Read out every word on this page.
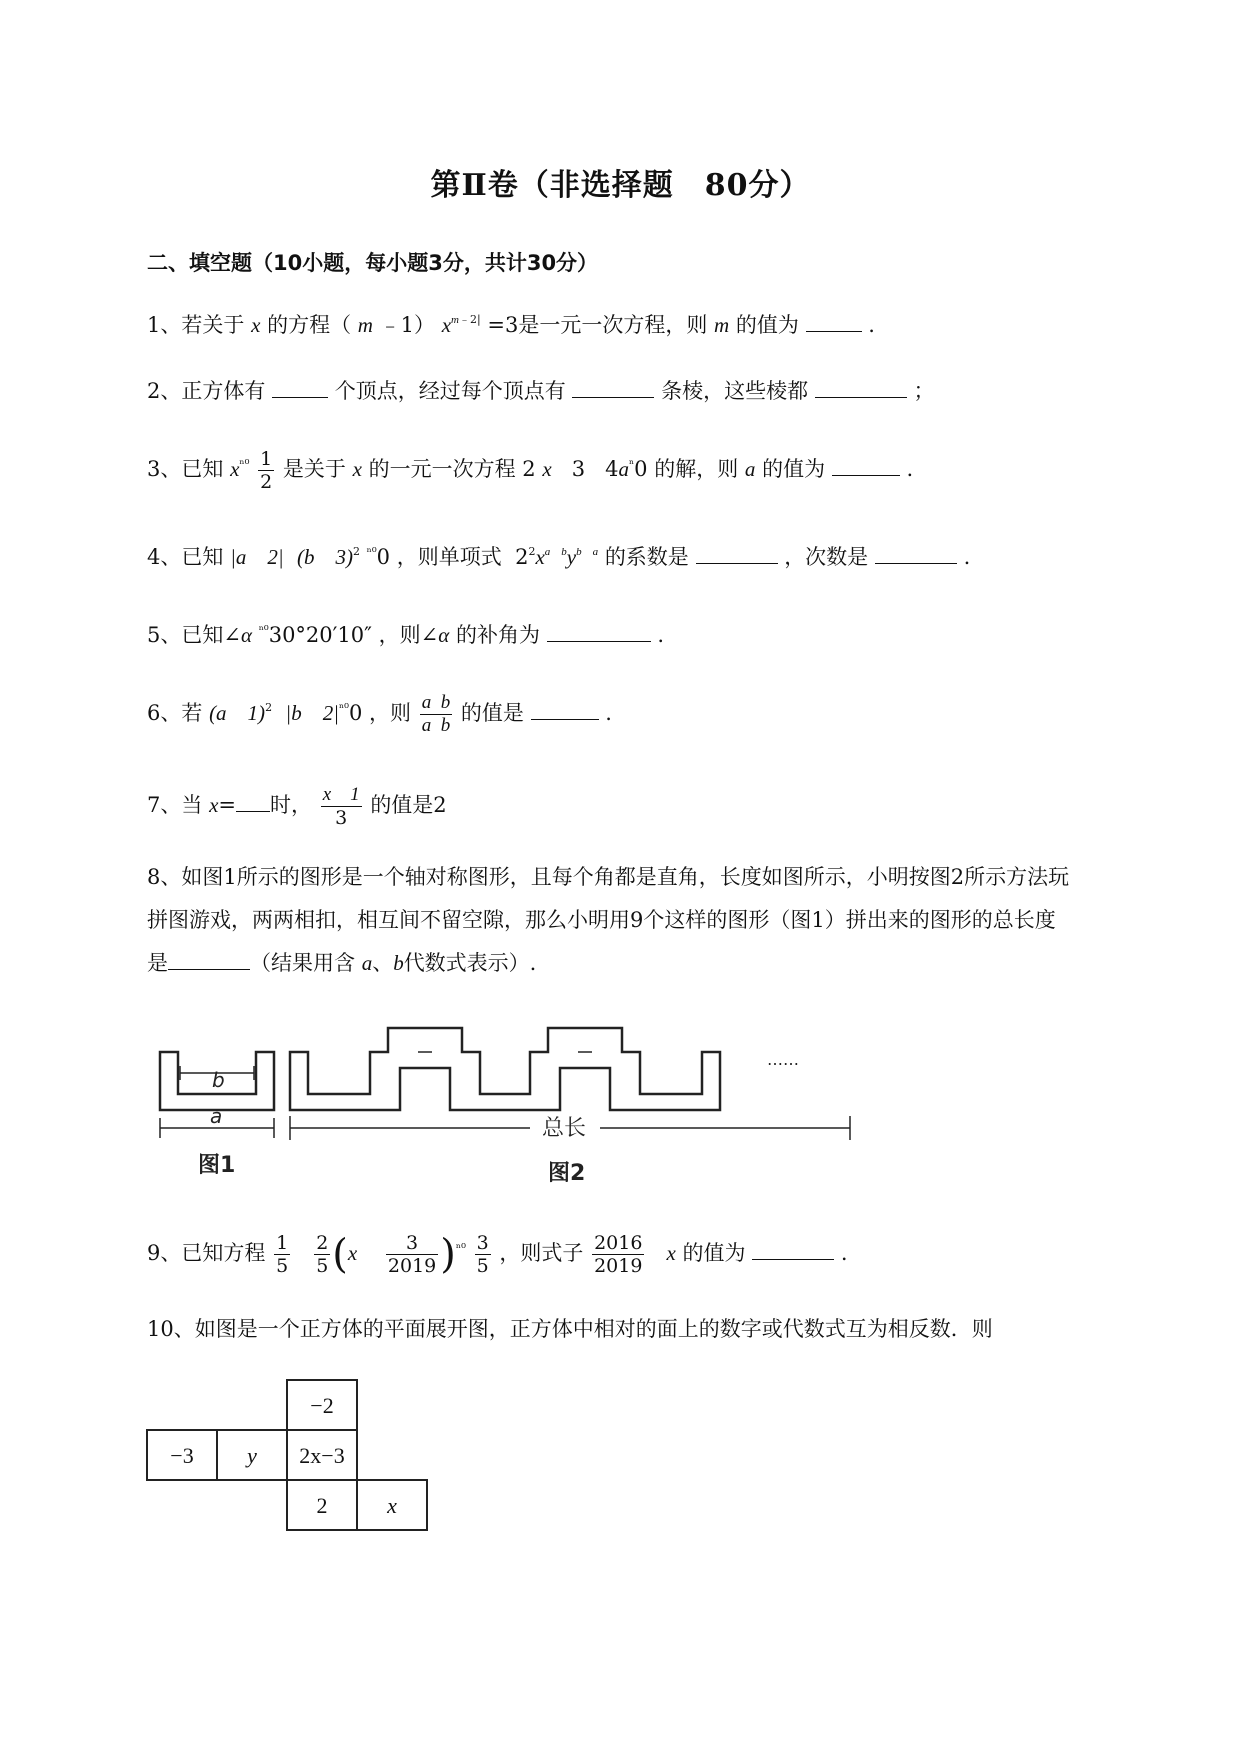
第Ⅱ卷（非选择题　80分）
二、填空题（10小题，每小题3分，共计30分）
1、若关于 x 的方程（ m ﹣1） $x^{m﹣2|} =3$是一元一次方程，则 m 的值为	.
2、正方体有	个顶点，经过每个顶点有	条棱，这些棱都	；
3、已知 $x^{^{n0}} \frac{1}{2}$ 是关于 x 的一元一次方程 2 x 3 $4a^{^n}0$ 的解，则 a 的值为	.
4、已知 |a　2| (b　3)$^2$ $^{^{n0}}$0 ，则单项式 $2^2x^{a b}y^{b a}$ 的系数是	，次数是	.
5、已知∠α $^{^{n0}}$30°20′10″ ，则∠α 的补角为	.
6、若 (a　1)$^2$ |b　$2|^{^{n0}}0$ ，则 $\frac{\text{a b}}{\text{a b}}$ 的值是	.
7、当 x= 时， $\frac{x 1}{3}$ 的值是2
8、如图1所示的图形是一个轴对称图形，且每个角都是直角，长度如图所示，小明按图2所示方法玩
拼图游戏，两两相扣，相互间不留空隙，那么小明用9个这样的图形（图1）拼出来的图形的总长度
是	（结果用含 a、b代数式表示）.
b
a
图1
总长
图2
……
9、已知方程 $\frac{1}{5}$
$\frac{2}{5} (x \frac{3}{2019} )^{^{n0}} \frac{3}{5}$ ，则式子 $\frac{2016}{2019}$ x 的值为	.
10、如图是一个正方体的平面展开图，正方体中相对的面上的数字或代数式互为相反数．则
−2
−3 y 2x−3
2	x
